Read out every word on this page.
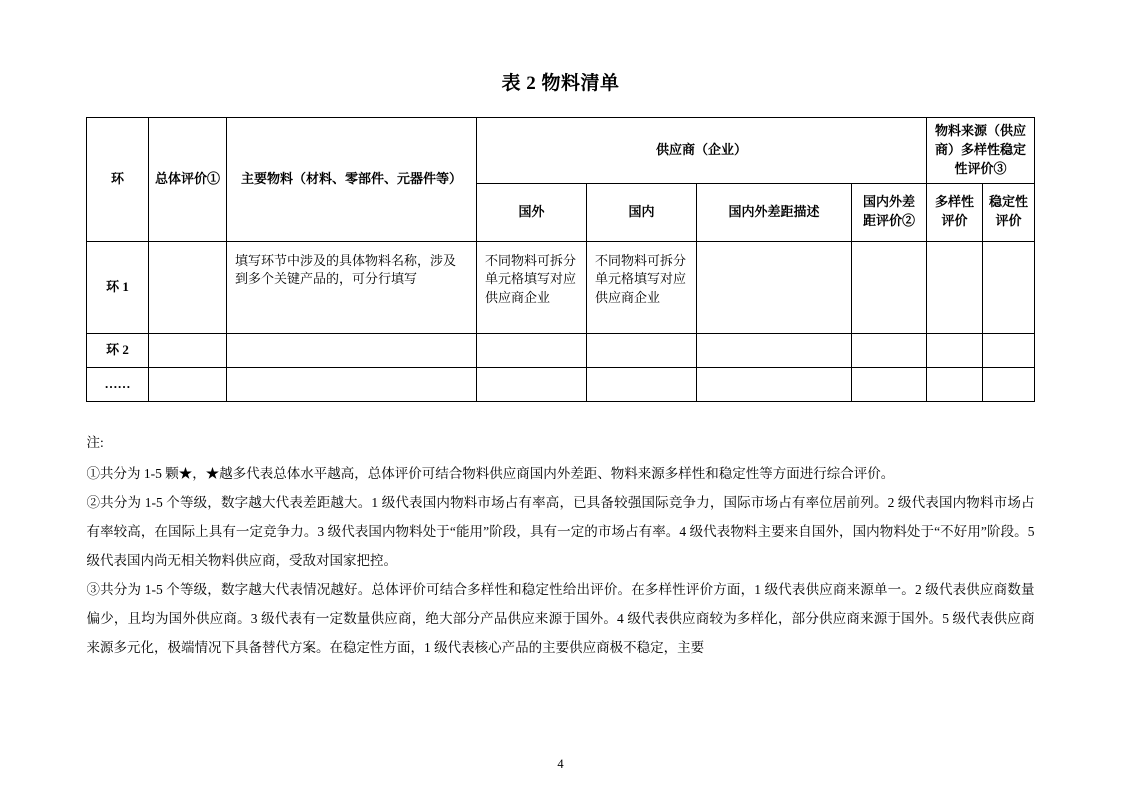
表 2 物料清单
环	总体评价①	主要物料（材料、零部件、元器件等）	供应商（企业）				物料来源（供应商）多样性稳定性评价③	
			国外	国内	国内外差距描述	国内外差距评价②	多样性评价	稳定性评价
环 1		填写环节中涉及的具体物料名称，涉及到多个关键产品的，可分行填写	不同物料可拆分单元格填写对应供应商企业	不同物料可拆分单元格填写对应供应商企业				
环 2								
……								

注:

①共分为 1-5 颗★，★越多代表总体水平越高，总体评价可结合物料供应商国内外差距、物料来源多样性和稳定性等方面进行综合评价。

②共分为 1-5 个等级，数字越大代表差距越大。1 级代表国内物料市场占有率高，已具备较强国际竞争力，国际市场占有率位居前列。2 级代表国内物料市场占有率较高，在国际上具有一定竞争力。3 级代表国内物料处于“能用”阶段，具有一定的市场占有率。4 级代表物料主要来自国外，国内物料处于“不好用”阶段。5 级代表国内尚无相关物料供应商，受敌对国家把控。

③共分为 1-5 个等级，数字越大代表情况越好。总体评价可结合多样性和稳定性给出评价。在多样性评价方面，1 级代表供应商来源单一。2 级代表供应商数量偏少，且均为国外供应商。3 级代表有一定数量供应商，绝大部分产品供应来源于国外。4 级代表供应商较为多样化，部分供应商来源于国外。5 级代表供应商来源多元化，极端情况下具备替代方案。在稳定性方面，1 级代表核心产品的主要供应商极不稳定，主要

4
